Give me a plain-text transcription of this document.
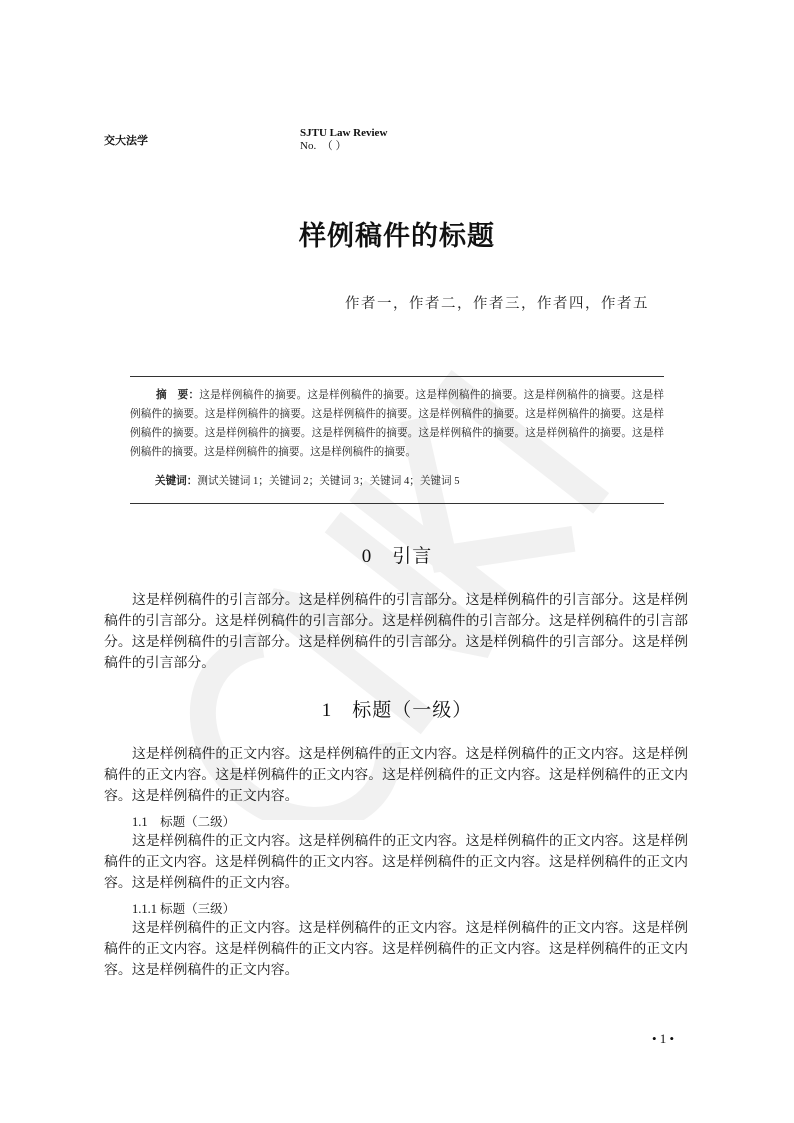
交大法学
SJTU Law Review
No.　（ ）
样例稿件的标题
作者一，作者二，作者三，作者四，作者五
摘　要：这是样例稿件的摘要。这是样例稿件的摘要。这是样例稿件的摘要。这是样例稿件的摘要。这是样例稿件的摘要。这是样例稿件的摘要。这是样例稿件的摘要。这是样例稿件的摘要。这是样例稿件的摘要。这是样例稿件的摘要。这是样例稿件的摘要。这是样例稿件的摘要。这是样例稿件的摘要。这是样例稿件的摘要。这是样例稿件的摘要。这是样例稿件的摘要。这是样例稿件的摘要。
关键词：测试关键词 1；关键词 2；关键词 3；关键词 4；关键词 5
0　引言
这是样例稿件的引言部分。这是样例稿件的引言部分。这是样例稿件的引言部分。这是样例稿件的引言部分。这是样例稿件的引言部分。这是样例稿件的引言部分。这是样例稿件的引言部分。这是样例稿件的引言部分。这是样例稿件的引言部分。这是样例稿件的引言部分。这是样例稿件的引言部分。
1　标题（一级）
这是样例稿件的正文内容。这是样例稿件的正文内容。这是样例稿件的正文内容。这是样例稿件的正文内容。这是样例稿件的正文内容。这是样例稿件的正文内容。这是样例稿件的正文内容。这是样例稿件的正文内容。
1.1　标题（二级）
这是样例稿件的正文内容。这是样例稿件的正文内容。这是样例稿件的正文内容。这是样例稿件的正文内容。这是样例稿件的正文内容。这是样例稿件的正文内容。这是样例稿件的正文内容。这是样例稿件的正文内容。
1.1.1 标题（三级）
这是样例稿件的正文内容。这是样例稿件的正文内容。这是样例稿件的正文内容。这是样例稿件的正文内容。这是样例稿件的正文内容。这是样例稿件的正文内容。这是样例稿件的正文内容。这是样例稿件的正文内容。
• 1 •
